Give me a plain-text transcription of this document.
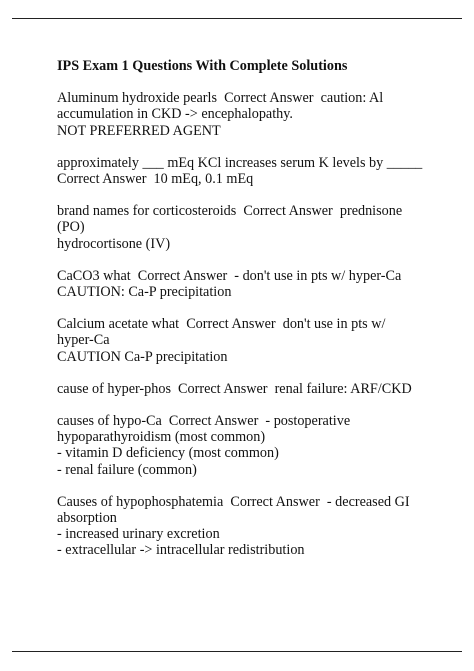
IPS Exam 1 Questions With Complete Solutions
Aluminum hydroxide pearls  Correct Answer  caution: Al
accumulation in CKD -> encephalopathy.
NOT PREFERRED AGENT
approximately ___ mEq KCl increases serum K levels by _____
Correct Answer  10 mEq, 0.1 mEq
brand names for corticosteroids  Correct Answer  prednisone
(PO)
hydrocortisone (IV)
CaCO3 what  Correct Answer  - don't use in pts w/ hyper-Ca
CAUTION: Ca-P precipitation
Calcium acetate what  Correct Answer  don't use in pts w/
hyper-Ca
CAUTION Ca-P precipitation
cause of hyper-phos  Correct Answer  renal failure: ARF/CKD
causes of hypo-Ca  Correct Answer  - postoperative
hypoparathyroidism (most common)
- vitamin D deficiency (most common)
- renal failure (common)
Causes of hypophosphatemia  Correct Answer  - decreased GI
absorption
- increased urinary excretion
- extracellular -> intracellular redistribution
